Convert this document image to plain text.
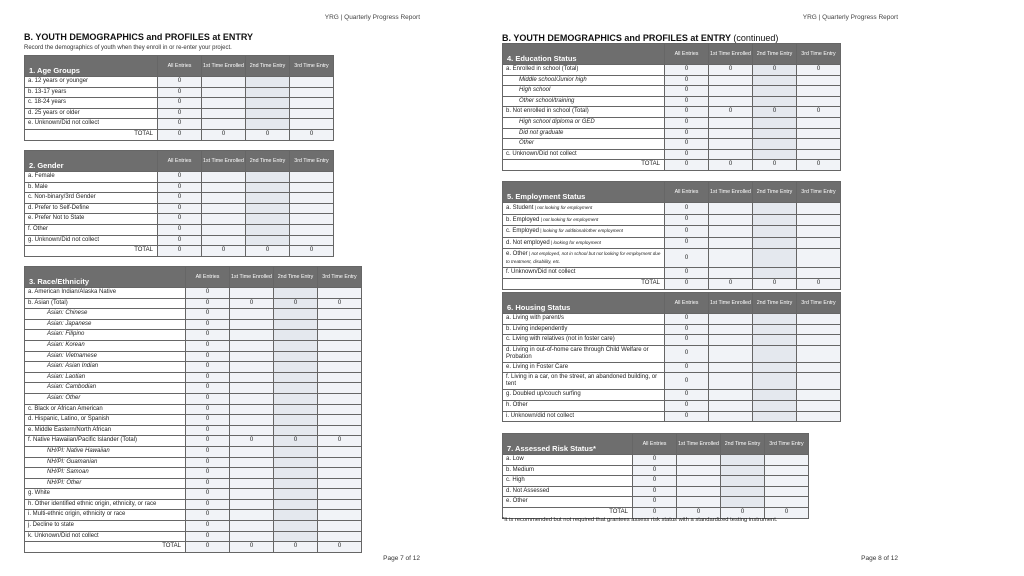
YRG | Quarterly Progress Report
B. YOUTH DEMOGRAPHICS and PROFILES at ENTRY
Record the demographics of youth when they enroll in or re-enter your project.
1. Age Groups	All Entries	1st Time Enrolled	2nd Time Entry	3rd Time Entry
a. 12 years or younger	0			
b. 13-17 years	0			
c. 18-24 years	0			
d. 25 years or older	0			
e. Unknown/Did not collect	0			
TOTAL	0	0	0	0
2. Gender	All Entries	1st Time Enrolled	2nd Time Entry	3rd Time Entry
a. Female	0			
b. Male	0			
c. Non-binary/3rd Gender	0			
d. Prefer to Self-Define	0			
e. Prefer Not to State	0			
f. Other	0			
g. Unknown/Did not collect	0			
TOTAL	0	0	0	0
3. Race/Ethnicity	All Entries	1st Time Enrolled	2nd Time Entry	3rd Time Entry
a. American Indian/Alaska Native	0			
b. Asian (Total)	0	0	0	0
Asian: Chinese	0			
Asian: Japanese	0			
Asian: Filipino	0			
Asian: Korean	0			
Asian: Vietnamese	0			
Asian: Asian Indian	0			
Asian: Laotian	0			
Asian: Cambodian	0			
Asian: Other	0			
c. Black or African American	0			
d. Hispanic, Latino, or Spanish	0			
e. Middle Eastern/North African	0			
f. Native Hawaiian/Pacific Islander (Total)	0	0	0	0
NH/PI: Native Hawaiian	0			
NH/PI: Guamanian	0			
NH/PI: Samoan	0			
NH/PI: Other	0			
g. White	0			
h. Other identified ethnic origin, ethnicity, or race	0			
i. Multi-ethnic origin, ethnicity or race	0			
j. Decline to state	0			
k. Unknown/Did not collect	0			
TOTAL	0	0	0	0
Page 7 of 12
YRG | Quarterly Progress Report
B. YOUTH DEMOGRAPHICS and PROFILES at ENTRY (continued)
4. Education Status	All Entries	1st Time Enrolled	2nd Time Entry	3rd Time Entry
a. Enrolled in school (Total)	0	0	0	0
Middle school/Junior high	0			
High school	0			
Other school/training	0			
b. Not enrolled in school (Total)	0	0	0	0
High school diploma or GED	0			
Did not graduate	0			
Other	0			
c. Unknown/Did not collect	0			
TOTAL	0	0	0	0
5. Employment Status	All Entries	1st Time Enrolled	2nd Time Entry	3rd Time Entry
a. Student | not looking for employment	0			
b. Employed | not looking for employment	0			
c. Employed | looking for additional/other employment	0			
d. Not employed | looking for employment	0			
e. Other | not employed, not in school but not looking for employment due to treatment, disability, etc.	0			
f. Unknown/Did not collect	0			
TOTAL	0	0	0	0
6. Housing Status	All Entries	1st Time Enrolled	2nd Time Entry	3rd Time Entry
a. Living with parent/s	0			
b. Living independently	0			
c. Living with relatives (not in foster care)	0			
d. Living in out-of-home care through Child Welfare or Probation	0			
e. Living in Foster Care	0			
f. Living in a car, on the street, an abandoned building, or tent	0			
g. Doubled up/couch surfing	0			
h. Other	0			
i. Unknown/did not collect	0			
7. Assessed Risk Status*	All Entries	1st Time Enrolled	2nd Time Entry	3rd Time Entry
a. Low	0			
b. Medium	0			
c. High	0			
d. Not Assessed	0			
e. Other	0			
TOTAL	0	0	0	0
*It is recommended but not required that grantees assess risk status with a standardized testing instrument.
Page 8 of 12
